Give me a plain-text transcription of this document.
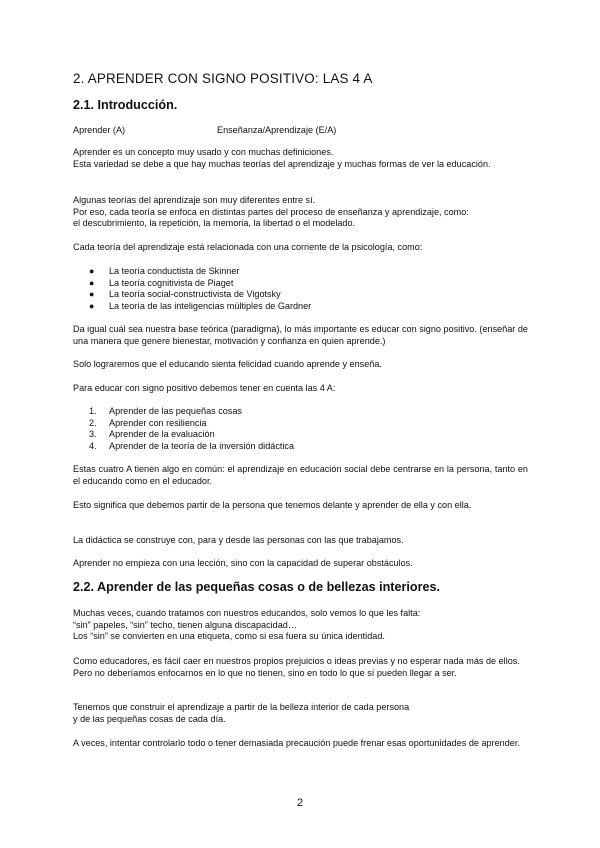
2. APRENDER CON SIGNO POSITIVO: LAS 4 A
2.1. Introducción.
Aprender (A)	Enseñanza/Aprendizaje (E/A)
Aprender es un concepto muy usado y con muchas definiciones.
Esta variedad se debe a que hay muchas teorías del aprendizaje y muchas formas de ver la educación.
Algunas teorías del aprendizaje son muy diferentes entre sí.
Por eso, cada teoría se enfoca en distintas partes del proceso de enseñanza y aprendizaje, como:
el descubrimiento, la repetición, la memoria, la libertad o el modelado.
Cada teoría del aprendizaje está relacionada con una corriente de la psicología, como:
● La teoría conductista de Skinner
● La teoría cognitivista de Piaget
● La teoría social-constructivista de Vigotsky
● La teoría de las inteligencias múltiples de Gardner
Da igual cuál sea nuestra base teórica (paradigma), lo más importante es educar con signo positivo. (enseñar de una manera que genere bienestar, motivación y confianza en quien aprende.)
Solo lograremos que el educando sienta felicidad cuando aprende y enseña.
Para educar con signo positivo debemos tener en cuenta las 4 A:
1. Aprender de las pequeñas cosas
2. Aprender con resiliencia
3. Aprender de la evaluación
4. Aprender de la teoría de la inversión didáctica
Estas cuatro A tienen algo en común: el aprendizaje en educación social debe centrarse en la persona, tanto en el educando como en el educador.
Esto significa que debemos partir de la persona que tenemos delante y aprender de ella y con ella.
La didáctica se construye con, para y desde las personas con las que trabajamos.
Aprender no empieza con una lección, sino con la capacidad de superar obstáculos.
2.2. Aprender de las pequeñas cosas o de bellezas interiores.
Muchas veces, cuando tratamos con nuestros educandos, solo vemos lo que les falta:
“sin” papeles, “sin” techo, tienen alguna discapacidad…
Los “sin” se convierten en una etiqueta, como si esa fuera su única identidad.
Como educadores, es fácil caer en nuestros propios prejuicios o ideas previas y no esperar nada más de ellos.
Pero no deberíamos enfocarnos en lo que no tienen, sino en todo lo que sí pueden llegar a ser.
Tenemos que construir el aprendizaje a partir de la belleza interior de cada persona
y de las pequeñas cosas de cada día.
A veces, intentar controlarlo todo o tener demasiada precaución puede frenar esas oportunidades de aprender.
2
